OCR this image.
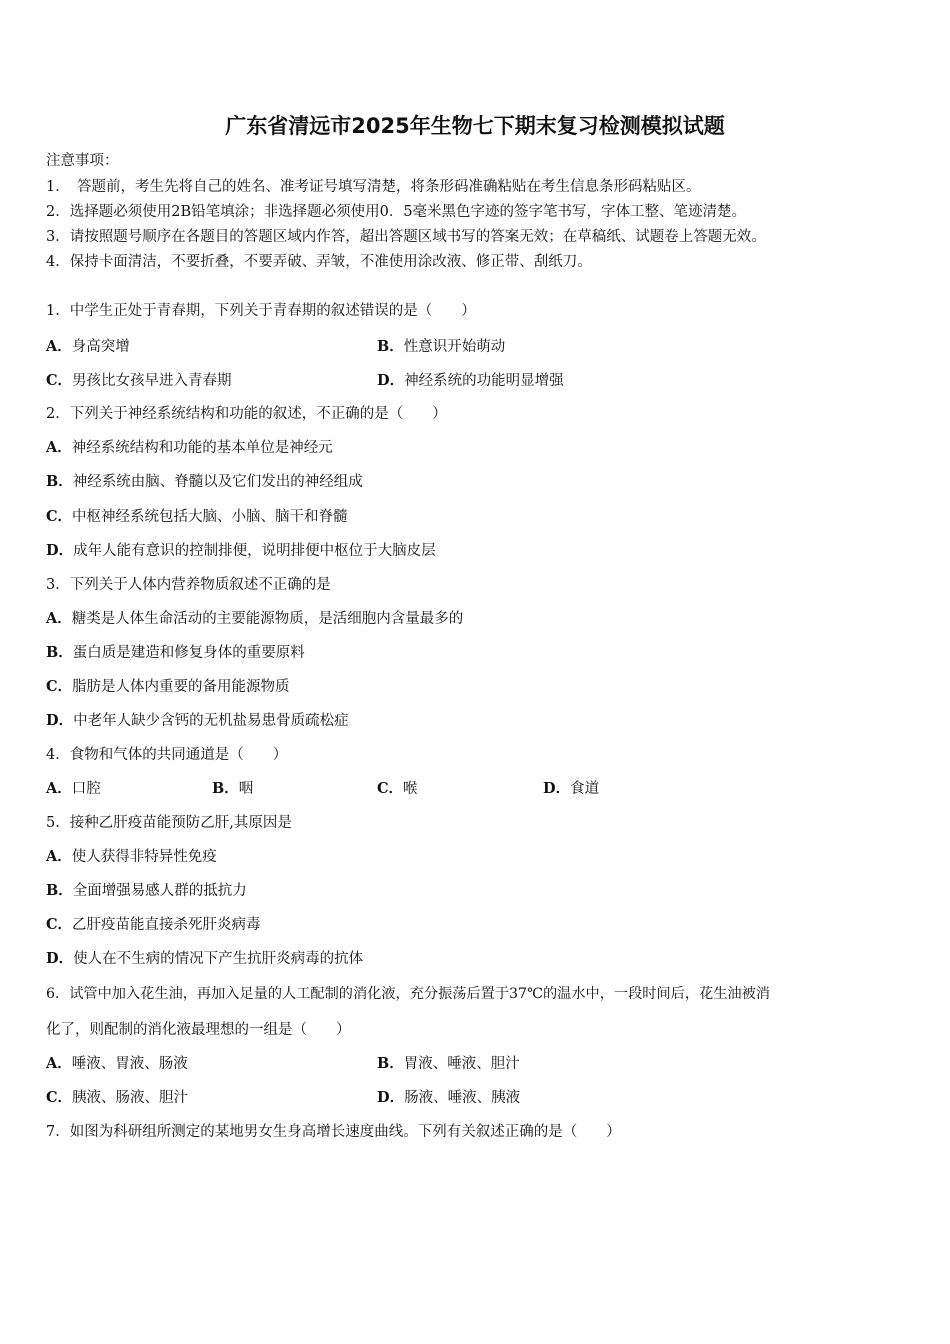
广东省清远市2025年生物七下期末复习检测模拟试题
注意事项：
1．　答题前，考生先将自己的姓名、准考证号填写清楚，将条形码准确粘贴在考生信息条形码粘贴区。
2．选择题必须使用2B铅笔填涂；非选择题必须使用0．5毫米黑色字迹的签字笔书写，字体工整、笔迹清楚。
3．请按照题号顺序在各题目的答题区域内作答，超出答题区域书写的答案无效；在草稿纸、试题卷上答题无效。
4．保持卡面清洁，不要折叠，不要弄破、弄皱，不准使用涂改液、修正带、刮纸刀。
1．中学生正处于青春期，下列关于青春期的叙述错误的是（　　）
A．身高突增	B．性意识开始萌动
C．男孩比女孩早进入青春期	D．神经系统的功能明显增强
2．下列关于神经系统结构和功能的叙述，不正确的是（　　）
A．神经系统结构和功能的基本单位是神经元
B．神经系统由脑、脊髓以及它们发出的神经组成
C．中枢神经系统包括大脑、小脑、脑干和脊髓
D．成年人能有意识的控制排便，说明排便中枢位于大脑皮层
3．下列关于人体内营养物质叙述不正确的是
A．糖类是人体生命活动的主要能源物质，是活细胞内含量最多的
B．蛋白质是建造和修复身体的重要原料
C．脂肪是人体内重要的备用能源物质
D．中老年人缺少含钙的无机盐易患骨质疏松症
4．食物和气体的共同通道是（　　）
A．口腔	B．咽	C．喉	D．食道
5．接种乙肝疫苗能预防乙肝,其原因是
A．使人获得非特异性免疫
B．全面增强易感人群的抵抗力
C．乙肝疫苗能直接杀死肝炎病毒
D．使人在不生病的情况下产生抗肝炎病毒的抗体
6．试管中加入花生油，再加入足量的人工配制的消化液，充分振荡后置于37℃的温水中，一段时间后，花生油被消
化了，则配制的消化液最理想的一组是（　　）
A．唾液、胃液、肠液	B．胃液、唾液、胆汁
C．胰液、肠液、胆汁	D．肠液、唾液、胰液
7．如图为科研组所测定的某地男女生身高增长速度曲线。下列有关叙述正确的是（　　）
